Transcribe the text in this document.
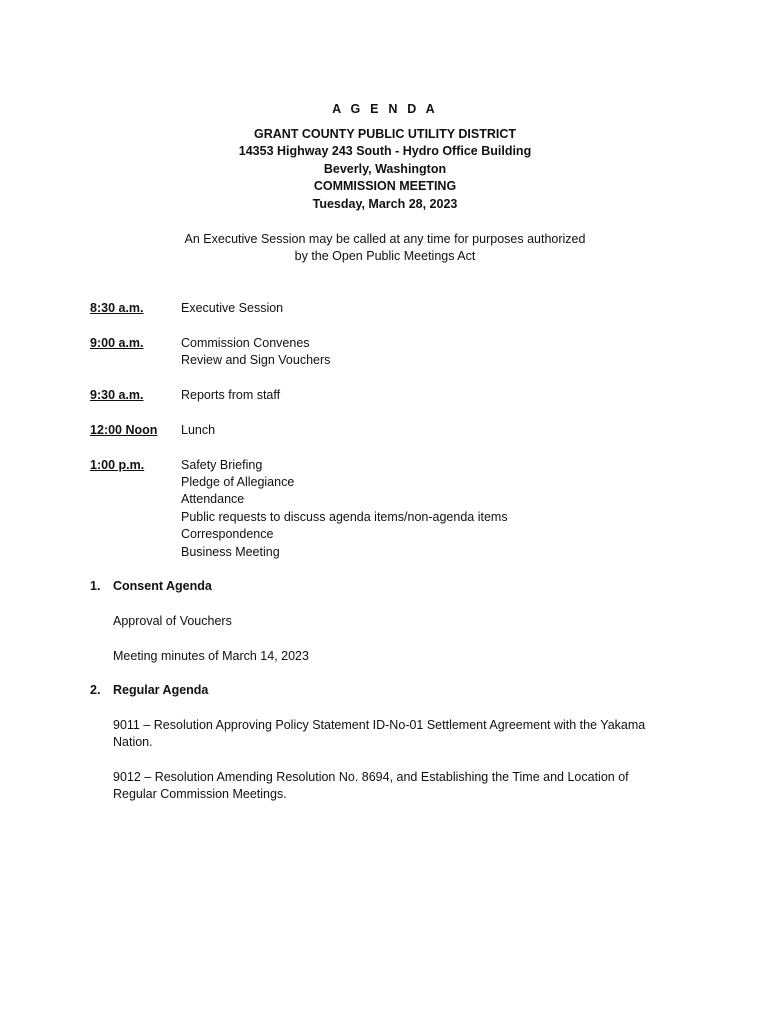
A G E N D A
GRANT COUNTY PUBLIC UTILITY DISTRICT
14353 Highway 243 South - Hydro Office Building
Beverly, Washington
COMMISSION MEETING
Tuesday, March 28, 2023
An Executive Session may be called at any time for purposes authorized
by the Open Public Meetings Act
8:30 a.m.	Executive Session
9:00 a.m.	Commission Convenes
Review and Sign Vouchers
9:30 a.m.	Reports from staff
12:00 Noon	Lunch
1:00 p.m.	Safety Briefing
Pledge of Allegiance
Attendance
Public requests to discuss agenda items/non-agenda items
Correspondence
Business Meeting
1.	Consent Agenda
Approval of Vouchers
Meeting minutes of March 14, 2023
2.	Regular Agenda
9011 – Resolution Approving Policy Statement ID-No-01 Settlement Agreement with the Yakama Nation.
9012 – Resolution Amending Resolution No. 8694, and Establishing the Time and Location of Regular Commission Meetings.
